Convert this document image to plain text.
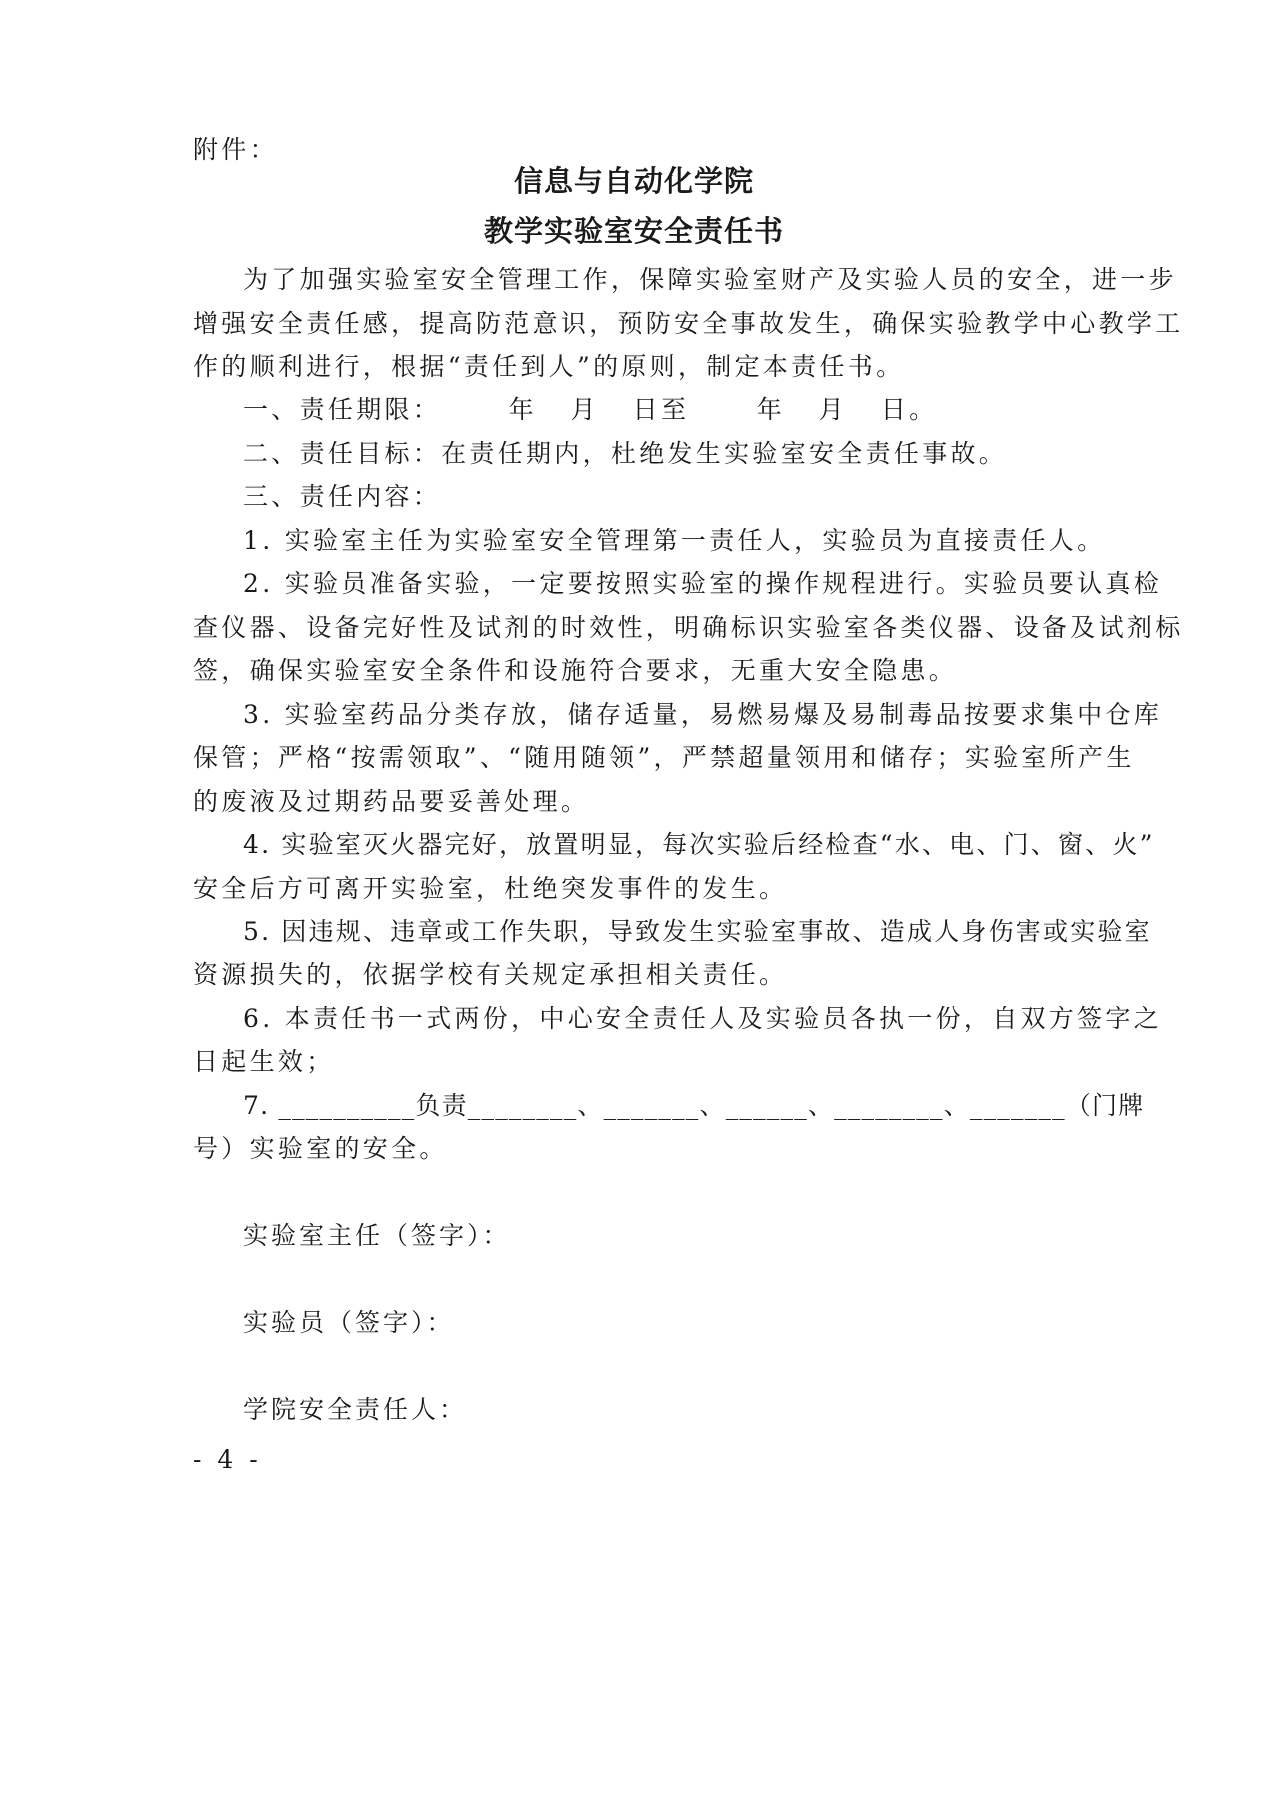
附件：
信息与自动化学院
教学实验室安全责任书
为了加强实验室安全管理工作，保障实验室财产及实验人员的安全，进一步
增强安全责任感，提高防范意识，预防安全事故发生，确保实验教学中心教学工
作的顺利进行，根据“责任到人”的原则，制定本责任书。
一、责任期限：      年   月   日至      年   月   日。
二、责任目标：在责任期内，杜绝发生实验室安全责任事故。
三、责任内容：
1. 实验室主任为实验室安全管理第一责任人，实验员为直接责任人。
2. 实验员准备实验，一定要按照实验室的操作规程进行。实验员要认真检
查仪器、设备完好性及试剂的时效性，明确标识实验室各类仪器、设备及试剂标
签，确保实验室安全条件和设施符合要求，无重大安全隐患。
3. 实验室药品分类存放，储存适量，易燃易爆及易制毒品按要求集中仓库
保管；严格“按需领取”、“随用随领”，严禁超量领用和储存；实验室所产生
的废液及过期药品要妥善处理。
4. 实验室灭火器完好，放置明显，每次实验后经检查“水、电、门、窗、火”
安全后方可离开实验室，杜绝突发事件的发生。
5. 因违规、违章或工作失职，导致发生实验室事故、造成人身伤害或实验室
资源损失的，依据学校有关规定承担相关责任。
6. 本责任书一式两份，中心安全责任人及实验员各执一份，自双方签字之
日起生效；
7. __________负责________、_______、______、________、_______（门牌
号）实验室的安全。
实验室主任（签字）：
实验员（签字）：
学院安全责任人：
- 4 -
